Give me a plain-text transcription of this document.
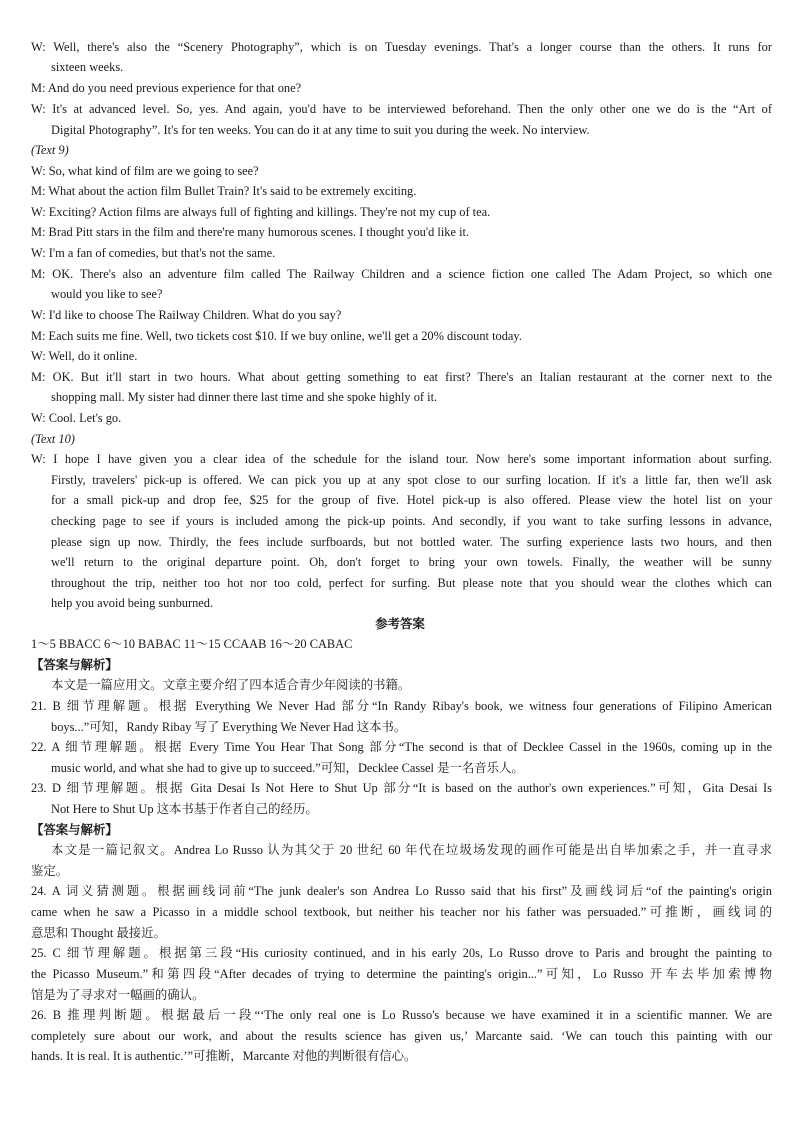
W: Well, there's also the “Scenery Photography”, which is on Tuesday evenings. That's a longer course than the others. It runs for
sixteen weeks.
M: And do you need previous experience for that one?
W: It's at advanced level. So, yes. And again, you'd have to be interviewed beforehand. Then the only other one we do is the “Art of
Digital Photography”. It's for ten weeks. You can do it at any time to suit you during the week. No interview.
(Text 9)
W: So, what kind of film are we going to see?
M: What about the action film Bullet Train? It's said to be extremely exciting.
W: Exciting? Action films are always full of fighting and killings. They're not my cup of tea.
M: Brad Pitt stars in the film and there're many humorous scenes. I thought you'd like it.
W: I'm a fan of comedies, but that's not the same.
M: OK. There's also an adventure film called The Railway Children and a science fiction one called The Adam Project, so which one
would you like to see?
W: I'd like to choose The Railway Children. What do you say?
M: Each suits me fine. Well, two tickets cost $10. If we buy online, we'll get a 20% discount today.
W: Well, do it online.
M: OK. But it'll start in two hours. What about getting something to eat first? There's an Italian restaurant at the corner next to the
shopping mall. My sister had dinner there last time and she spoke highly of it.
W: Cool. Let's go.
(Text 10)
W: I hope I have given you a clear idea of the schedule for the island tour. Now here's some important information about surfing.
Firstly, travelers' pick-up is offered. We can pick you up at any spot close to our surfing location. If it's a little far, then we'll ask
for a small pick-up and drop fee, $25 for the group of five. Hotel pick-up is also offered. Please view the hotel list on your
checking page to see if yours is included among the pick-up points. And secondly, if you want to take surfing lessons in advance,
please sign up now. Thirdly, the fees include surfboards, but not bottled water. The surfing experience lasts two hours, and then
we'll return to the original departure point. Oh, don't forget to bring your own towels. Finally, the weather will be sunny
throughout the trip, neither too hot nor too cold, perfect for surfing. But please note that you should wear the clothes which can
help you avoid being sunburned.
参考答案
1～5 BBACC 6～10 BABAC 11～15 CCAAB 16～20 CABAC
【答案与解析】
本文是一篇应用文。文章主要介绍了四本适合青少年阅读的书籍。
21. B 细节理解题。根据 Everything We Never Had 部分“In Randy Ribay's book, we witness four generations of Filipino American
boys...”可知，Randy Ribay 写了 Everything We Never Had 这本书。
22. A 细节理解题。根据 Every Time You Hear That Song 部分“The second is that of Decklee Cassel in the 1960s, coming up in the
music world, and what she had to give up to succeed.”可知，Decklee Cassel 是一名音乐人。
23. D 细节理解题。根据 Gita Desai Is Not Here to Shut Up 部分“It is based on the author's own experiences.”可知，Gita Desai Is
Not Here to Shut Up 这本书基于作者自己的经历。
【答案与解析】
本文是一篇记叙文。Andrea Lo Russo 认为其父于 20 世纪 60 年代在垃圾场发现的画作可能是出自毕加索之手，并一直寻求
鉴定。
24. A 词义猜测题。根据画线词前“The junk dealer's son Andrea Lo Russo said that his first”及画线词后“of the painting's origin
came when he saw a Picasso in a middle school textbook, but neither his teacher nor his father was persuaded.”可推断，画线词的
意思和 Thought 最接近。
25. C 细节理解题。根据第三段“His curiosity continued, and in his early 20s, Lo Russo drove to Paris and brought the painting to
the Picasso Museum.”和第四段“After decades of trying to determine the painting's origin...”可知，Lo Russo 开车去毕加索博物
馆是为了寻求对一幅画的确认。
26. B 推理判断题。根据最后一段“‘The only real one is Lo Russo's because we have examined it in a scientific manner. We are
completely sure about our work, and about the results science has given us,’ Marcante said. ‘We can touch this painting with our
hands. It is real. It is authentic.’”可推断，Marcante 对他的判断很有信心。
